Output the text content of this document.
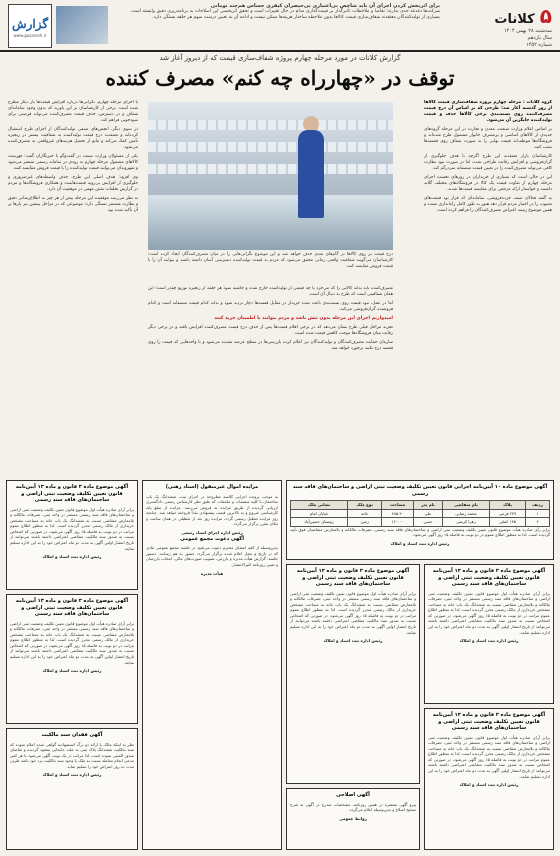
۵ کلانات
سه‌شنبه ۲۸ بهمن ۱۴۰۴
سال یازدهم
شماره ۱۴۵۲
برای اثربخش کردن اجرای آن باید شاخص بی‌اعتباری بی‌حیصران کیفری حساس هم‌چند تومانی
شرکت‌ها دغدغه جدی ندارند؛ تقاضا و ملاحظات تأثیرگذار بر قیمت‌گذاری مدام در حال تغییرات است و تحقق اثربخشی این اصلاحات به برنامه‌ریزی دقیق وابسته است. بسیاری از تولیدکنندگان معتقدند شفاف‌سازی قیمت کالاها بدون ملاحظه ساختار هزینه‌ها ممکن نیست و ادامه آن به تعیین درست سهم هر حلقه بستگی دارد.
گزارش
www.gozaresh.ir
گزارش کلانات در مورد مرحله چهارم پروژه شفاف‌سازی قیمت که از دیروز آغاز شد
توقف در «چهارراه چه کنم» مصرف کننده

گروه کلانات : مرحله چهارم پروژه شفاف‌سازی قیمت کالاها از روز گذشته آغاز شد؛ طرحی که بر اساس آن درج قیمت مصرف‌کننده روی بسته‌بندی برخی کالاها حذف و قیمت تولیدکننده جایگزین آن می‌شود.

بر اساس اعلام وزارت صنعت، معدن و تجارت در این مرحله گروه‌های جدیدی از کالاهای اساسی و پرمصرف خانوار مشمول طرح شده‌اند و فروشگاه‌ها موظف‌اند قیمت نهایی را به صورت شفاف روی قفسه‌ها نصب کنند.

کارشناسان بازار معتقدند این طرح اگرچه با هدف جلوگیری از گران‌فروشی و افزایش رقابت طراحی شده، اما در صورت نبود نظارت کافی می‌تواند مصرف‌کننده را در تعیین قیمت منصفانه سردرگم کند.

این در حالی است که بسیاری از خریداران در روزهای نخست اجرای مرحله چهارم از تفاوت قیمت یک کالا در فروشگاه‌های مختلف گلایه داشتند و خواستار ارائه مرجعی برای مقایسه قیمت‌ها شدند.

به گفته فعالان صنف خرده‌فروشی، سامانه‌ای که قرار بود قیمت‌های مصوب را در اختیار مردم قرار دهد هنوز به طور کامل راه‌اندازی نشده و همین موضوع زمینه اعتراض مصرف‌کنندگان را فراهم کرده است.

درج قیمت بر روی کالاها در گام‌های بعدی حذف خواهد شد و این موضوع نگرانی‌هایی را در میان مصرف‌کنندگان ایجاد کرده است؛ کارشناسان می‌گویند شفافیت واقعی زمانی محقق می‌شود که مردم به قیمت تولیدکننده دسترسی آسان داشته باشند و بتوانند آن را با قیمت فروش مقایسه کنند.

مصرف‌کننده باید بداند کالایی را که می‌خرد با چه قیمتی از تولیدکننده خارج شده و حاشیه سود هر حلقه از زنجیره توزیع چقدر است؛ این همان شفافیتی است که طرح به دنبال آن است.

اما در عمل، نبود قیمت روی بسته‌بندی باعث شده خریدار در مقابل قفسه‌ها دچار تردید شود و نداند کدام قیمت منصفانه است و کدام فروشنده گران‌فروشی می‌کند.

امیدواریم اجرای این مرحله بدون تنش باشد و مردم بتوانند با اطمینان خرید کنند

تجربه مراحل قبلی طرح نشان می‌دهد که در برخی اقلام قیمت‌ها پس از حذف درج قیمت مصرف‌کننده افزایش یافته و در برخی دیگر رقابت میان فروشگاه‌ها موجب کاهش قیمت شده است.

سازمان حمایت مصرف‌کنندگان و تولیدکنندگان نیز اعلام کرده بازرسی‌ها در سطح عرضه تشدید می‌شود و با واحدهایی که قیمت را روی قفسه درج نکنند برخورد خواهد شد.

با اجرای مرحله چهارم، نگرانی‌ها درباره افزایش قیمت‌ها بار دیگر مطرح شده است. برخی از کارشناسان بر این باورند که بدون وجود سامانه‌ای شفاف و در دسترس، حذف قیمت مصرف‌کننده می‌تواند فرصتی برای سودجویی فراهم کند.

در سوی دیگر، انجمن‌های صنفی تولیدکنندگان از اجرای طرح استقبال کرده‌اند و معتقدند درج قیمت تولیدکننده به شفافیت بیشتر در زنجیره تأمین کمک می‌کند و مانع از تحمیل هزینه‌های غیرواقعی به مصرف‌کننده می‌شود.

یکی از مسئولان وزارت صمت در گفت‌وگو با خبرنگاران گفت: فهرست کالاهای مشمول مرحله چهارم به زودی در سامانه رسمی منتشر می‌شود و شهروندان می‌توانند قیمت تولیدکننده را با قیمت فروش مقایسه کنند.

وی افزود: هدف اصلی این طرح، حذف واسطه‌های غیرضروری و جلوگیری از افزایش بی‌رویه قیمت‌هاست و همکاری فروشگاه‌ها و مردم در گزارش تخلفات نقش مهمی در موفقیت آن دارد.

به نظر می‌رسد موفقیت این مرحله بیش از هر چیز به اطلاع‌رسانی دقیق و نظارت مستمر بستگی دارد؛ موضوعی که در مراحل پیشین نیز بارها بر آن تأکید شده بود.

آگهی موضوع ماده ۱۰ آیین‌نامه اجرایی قانون تعیین تکلیف وضعیت ثبتی اراضی و ساختمان‌های فاقد سند رسمی
ردیف	پلاک	نام متقاضی	نام پدر	مساحت	نوع ملک	نشانی ملک
۱	۲۳۷ فرعی	محمد رضایی	علی	۲۸۵.۴۰	خانه	خیابان امام
۲	۱۴۵ اصلی	زهرا کریمی	حسن	۱۶۰.۰۰	زمین	روستای حسین‌آباد
برابر رأی صادره هیأت موضوع قانون تعیین تکلیف وضعیت ثبتی اراضی و ساختمان‌های فاقد سند رسمی، تصرفات مالکانه و بلامعارض متقاضیان فوق تأیید گردیده است. لذا به منظور اطلاع عموم در دو نوبت به فاصله ۱۵ روز آگهی می‌شود.
رئیس اداره ثبت اسناد و املاک
آگهی موضوع ماده ۳ قانون و ماده ۱۳ آیین‌نامه قانون تعیین تکلیف وضعیت ثبتی اراضی و ساختمان‌های فاقد سند رسمی
برابر آرای صادره هیأت اول موضوع قانون تعیین تکلیف وضعیت ثبتی اراضی و ساختمان‌های فاقد سند رسمی مستقر در واحد ثبتی، تصرفات مالکانه و بلامعارض متقاضی نسبت به ششدانگ یک باب خانه به مساحت مشخص خریداری از مالک رسمی محرز گردیده است. لذا به منظور اطلاع عموم مراتب در دو نوبت به فاصله ۱۵ روز آگهی می‌شود، در صورتی که اشخاص نسبت به صدور سند مالکیت متقاضی اعتراضی داشته باشند می‌توانند از تاریخ انتشار اولین آگهی به مدت دو ماه اعتراض خود را به این اداره تسلیم نمایند.
رئیس اداره ثبت اسناد و املاک
آگهی موضوع ماده ۳ قانون و ماده ۱۳ آیین‌نامه قانون تعیین تکلیف وضعیت ثبتی اراضی و ساختمان‌های فاقد سند رسمی
برابر آرای صادره هیأت اول موضوع قانون تعیین تکلیف وضعیت ثبتی اراضی و ساختمان‌های فاقد سند رسمی مستقر در واحد ثبتی، تصرفات مالکانه و بلامعارض متقاضی نسبت به ششدانگ یک باب خانه به مساحت مشخص خریداری از مالک رسمی محرز گردیده است. لذا به منظور اطلاع عموم مراتب در دو نوبت به فاصله ۱۵ روز آگهی می‌شود، در صورتی که اشخاص نسبت به صدور سند مالکیت متقاضی اعتراضی داشته باشند می‌توانند از تاریخ انتشار اولین آگهی به مدت دو ماه اعتراض خود را به این اداره تسلیم نمایند.
رئیس اداره ثبت اسناد و املاک
آگهی موضوع ماده ۳ قانون و ماده ۱۳ آیین‌نامه قانون تعیین تکلیف وضعیت ثبتی اراضی و ساختمان‌های فاقد سند رسمی
برابر آرای صادره هیأت اول موضوع قانون تعیین تکلیف وضعیت ثبتی اراضی و ساختمان‌های فاقد سند رسمی مستقر در واحد ثبتی، تصرفات مالکانه و بلامعارض متقاضی نسبت به ششدانگ یک باب خانه به مساحت مشخص خریداری از مالک رسمی محرز گردیده است. لذا به منظور اطلاع عموم مراتب در دو نوبت به فاصله ۱۵ روز آگهی می‌شود، در صورتی که اشخاص نسبت به صدور سند مالکیت متقاضی اعتراضی داشته باشند می‌توانند از تاریخ انتشار اولین آگهی به مدت دو ماه اعتراض خود را به این اداره تسلیم نمایند.
رئیس اداره ثبت اسناد و املاک
آگهی اصلاحی
پیرو آگهی منتشره در همین روزنامه، مشخصات مندرج در آگهی به شرح صحیح اصلاح و بدین‌وسیله اعلام می‌گردد.
روابط عمومی
مزایده اموال غیرمنقول (اسناد رهنی)
به موجب پرونده اجرایی کلاسه مطروحه در اجرای ثبت، ششدانگ یک باب ساختمان با کلیه منضمات و ملحقات که طبق نظر کارشناس رسمی دادگستری ارزیابی گردیده از طریق مزایده به فروش می‌رسد. مزایده از مبلغ پایه کارشناسی شروع و به بالاترین قیمت پیشنهادی نقداً فروخته خواهد شد. چنانچه روز مزایده تعطیل رسمی گردد، مزایده روز بعد از تعطیلی در همان ساعت و مکان مقرر برگزار می‌گردد.
رئیس اداره اجرای اسناد رسمی
آگهی دعوت مجمع عمومی
بدین‌وسیله از کلیه اعضای محترم دعوت می‌شود در جلسه مجمع عمومی عادی که در تاریخ و محل اعلام شده برگزار می‌گردد حضور به هم رسانند. دستور جلسه: گزارش هیأت مدیره و بازرس، تصویب صورت‌های مالی، انتخاب بازرسان و تعیین روزنامه کثیرالانتشار.
هیأت مدیره
آگهی موضوع ماده ۳ قانون و ماده ۱۳ آیین‌نامه قانون تعیین تکلیف وضعیت ثبتی اراضی و ساختمان‌های فاقد سند رسمی
برابر آرای صادره هیأت اول موضوع قانون تعیین تکلیف وضعیت ثبتی اراضی و ساختمان‌های فاقد سند رسمی مستقر در واحد ثبتی، تصرفات مالکانه و بلامعارض متقاضی نسبت به ششدانگ یک باب خانه به مساحت مشخص خریداری از مالک رسمی محرز گردیده است. لذا به منظور اطلاع عموم مراتب در دو نوبت به فاصله ۱۵ روز آگهی می‌شود، در صورتی که اشخاص نسبت به صدور سند مالکیت متقاضی اعتراضی داشته باشند می‌توانند از تاریخ انتشار اولین آگهی به مدت دو ماه اعتراض خود را به این اداره تسلیم نمایند.
رئیس اداره ثبت اسناد و املاک
آگهی موضوع ماده ۳ قانون و ماده ۱۳ آیین‌نامه قانون تعیین تکلیف وضعیت ثبتی اراضی و ساختمان‌های فاقد سند رسمی
برابر آرای صادره هیأت اول موضوع قانون تعیین تکلیف وضعیت ثبتی اراضی و ساختمان‌های فاقد سند رسمی مستقر در واحد ثبتی، تصرفات مالکانه و بلامعارض متقاضی نسبت به ششدانگ یک باب خانه به مساحت مشخص خریداری از مالک رسمی محرز گردیده است. لذا به منظور اطلاع عموم مراتب در دو نوبت به فاصله ۱۵ روز آگهی می‌شود، در صورتی که اشخاص نسبت به صدور سند مالکیت متقاضی اعتراضی داشته باشند می‌توانند از تاریخ انتشار اولین آگهی به مدت دو ماه اعتراض خود را به این اداره تسلیم نمایند.
رئیس اداره ثبت اسناد و املاک
آگهی فقدان سند مالکیت
نظر به اینکه مالک با ارائه دو برگ استشهادیه گواهی شده اعلام نموده که سند مالکیت ششدانگ پلاک ثبتی به علت جابجایی مفقود گردیده و تقاضای صدور المثنی نموده است، لذا مراتب در یک نوبت آگهی می‌شود تا هر کس مدعی انجام معامله نسبت به ملک یا وجود سند مالکیت نزد خود باشد ظرف مدت ده روز اعتراض خود را تسلیم نماید.
رئیس اداره ثبت اسناد و املاک
